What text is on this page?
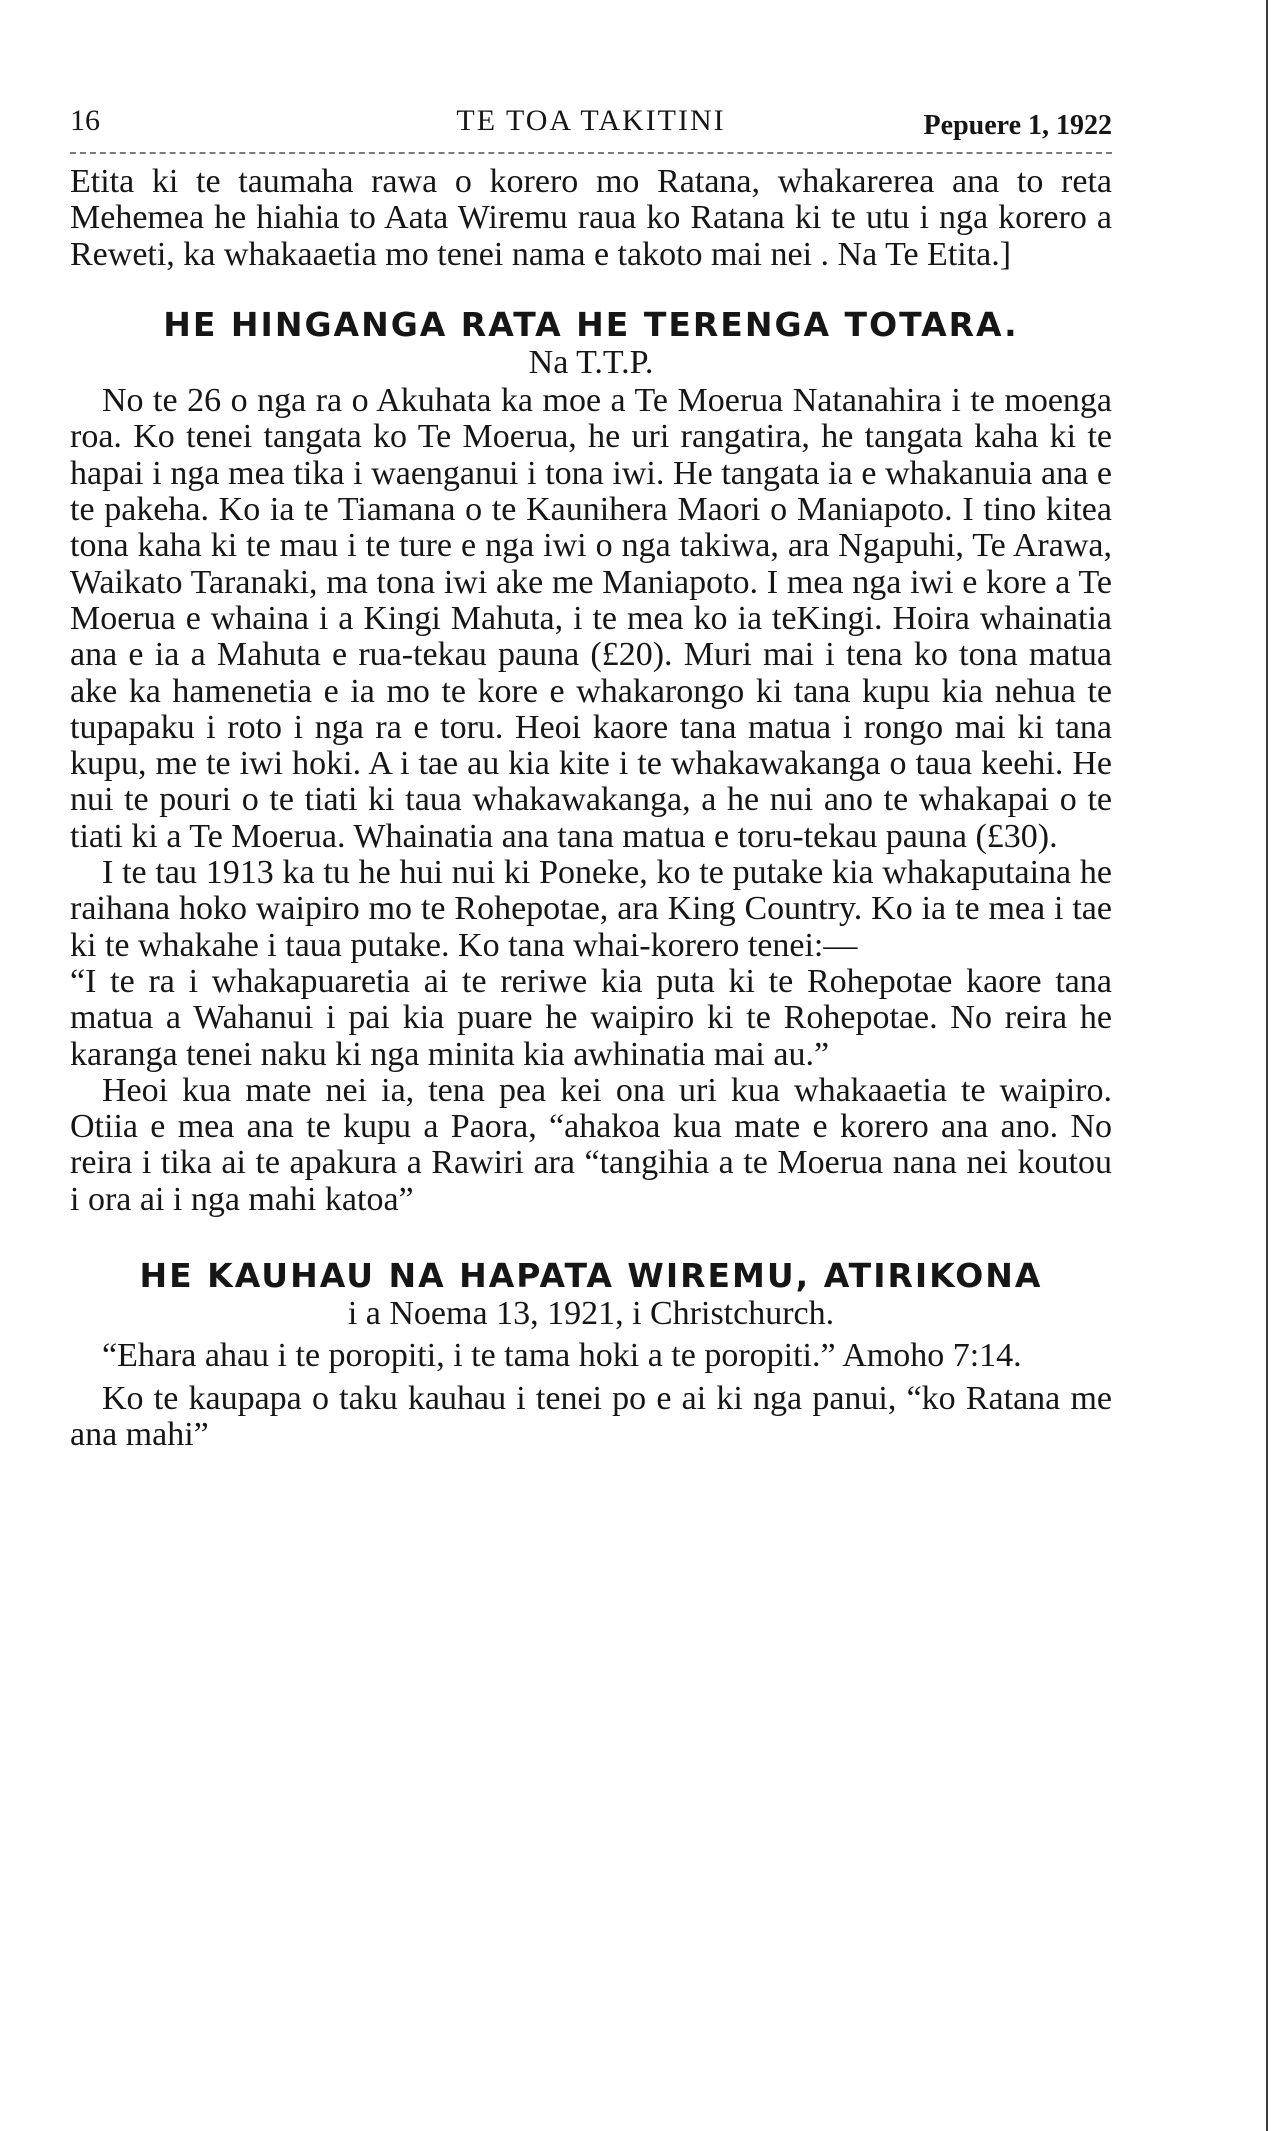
16	TE TOA TAKITINI	Pepuere 1, 1922

Etita ki te taumaha rawa o korero mo Ratana, whakarerea ana to reta Mehemea he hiahia to Aata Wiremu raua ko Ratana ki te utu i nga korero a Reweti, ka whakaaetia mo tenei nama e takoto mai nei . Na Te Etita.]

HE HINGANGA RATA HE TERENGA TOTARA.

Na T.T.P.

No te 26 o nga ra o Akuhata ka moe a Te Moerua Natanahira i te moenga roa. Ko tenei tangata ko Te Moerua, he uri rangatira, he tangata kaha ki te hapai i nga mea tika i waenganui i tona iwi. He tangata ia e whakanuia ana e te pakeha. Ko ia te Tiamana o te Kaunihera Maori o Maniapoto. I tino kitea tona kaha ki te mau i te ture e nga iwi o nga takiwa, ara Ngapuhi, Te Arawa, Waikato Taranaki, ma tona iwi ake me Maniapoto. I mea nga iwi e kore a Te Moerua e whaina i a Kingi Mahuta, i te mea ko ia teKingi. Hoira whainatia ana e ia a Mahuta e rua-tekau pauna (£20). Muri mai i tena ko tona matua ake ka hamenetia e ia mo te kore e whakarongo ki tana kupu kia nehua te tupapaku i roto i nga ra e toru. Heoi kaore tana matua i rongo mai ki tana kupu, me te iwi hoki. A i tae au kia kite i te whakawakanga o taua keehi. He nui te pouri o te tiati ki taua whakawakanga, a he nui ano te whakapai o te tiati ki a Te Moerua. Whainatia ana tana matua e toru-tekau pauna (£30).

I te tau 1913 ka tu he hui nui ki Poneke, ko te putake kia whakaputaina he raihana hoko waipiro mo te Rohepotae, ara King Country. Ko ia te mea i tae ki te whakahe i taua putake. Ko tana whai-korero tenei:—

“I te ra i whakapuaretia ai te reriwe kia puta ki te Rohepotae kaore tana matua a Wahanui i pai kia puare he waipiro ki te Rohepotae. No reira he karanga tenei naku ki nga minita kia awhinatia mai au.”

Heoi kua mate nei ia, tena pea kei ona uri kua whakaaetia te waipiro. Otiia e mea ana te kupu a Paora, “ahakoa kua mate e korero ana ano. No reira i tika ai te apakura a Rawiri ara “tangihia a te Moerua nana nei koutou i ora ai i nga mahi katoa”

HE KAUHAU NA HAPATA WIREMU, ATIRIKONA

i a Noema 13, 1921, i Christchurch.

“Ehara ahau i te poropiti, i te tama hoki a te poropiti.” Amoho 7:14.

Ko te kaupapa o taku kauhau i tenei po e ai ki nga panui, “ko Ratana me ana mahi”
